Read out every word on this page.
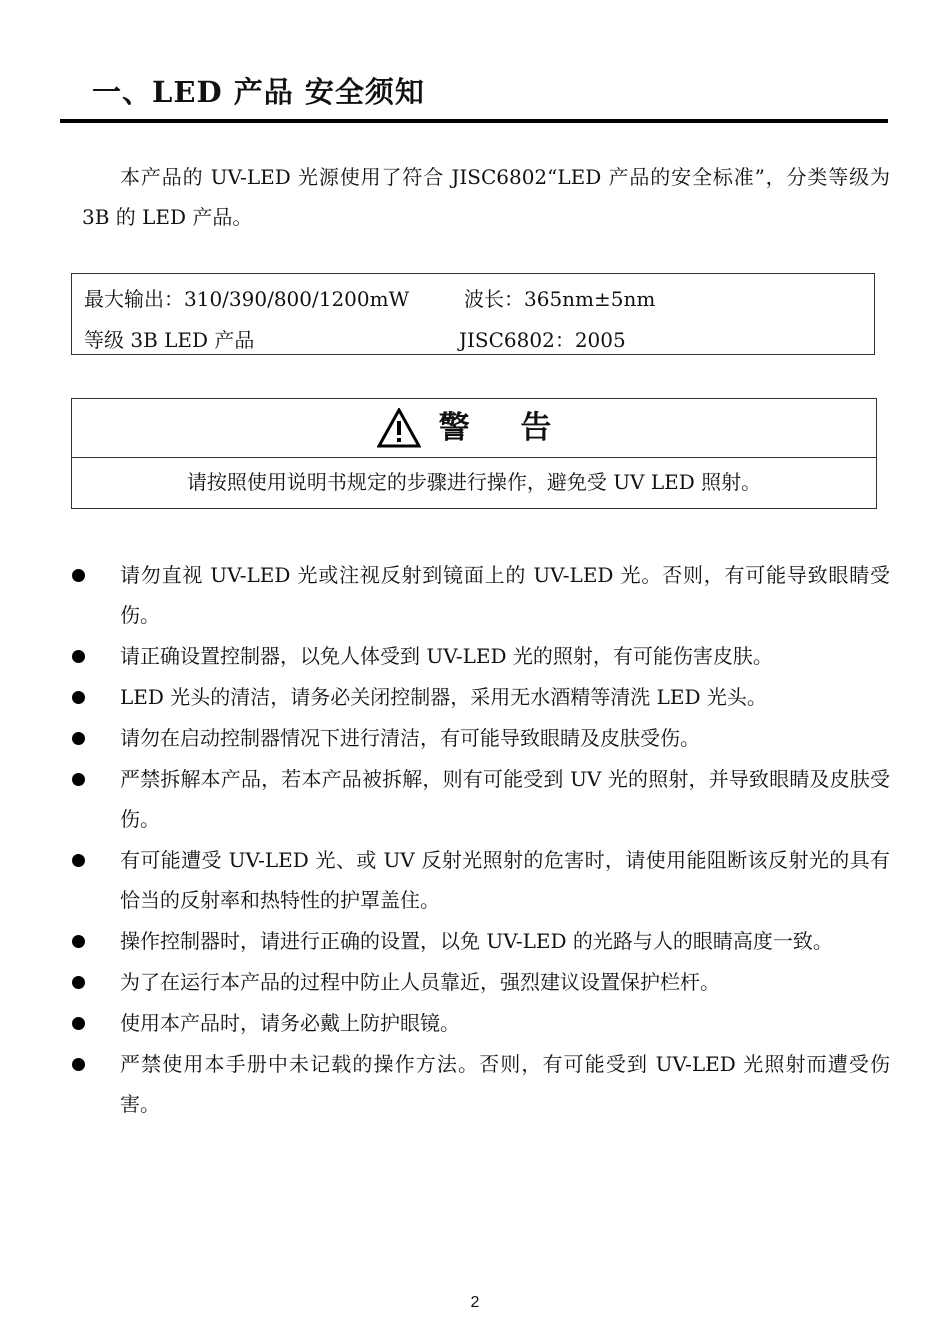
一、LED 产品 安全须知

本产品的 UV-LED 光源使用了符合 JISC6802“LED 产品的安全标准”，分类等级为 3B 的 LED 产品。

最大输出：310/390/800/1200mW	波长：365nm±5nm
等级 3B LED 产品	JISC6802：2005
警 告
请按照使用说明书规定的步骤进行操作，避免受 UV LED 照射。
请勿直视 UV-LED 光或注视反射到镜面上的 UV-LED 光。否则，有可能导致眼睛受伤。
请正确设置控制器，以免人体受到 UV-LED 光的照射，有可能伤害皮肤。
LED 光头的清洁，请务必关闭控制器，采用无水酒精等清洗 LED 光头。
请勿在启动控制器情况下进行清洁，有可能导致眼睛及皮肤受伤。
严禁拆解本产品，若本产品被拆解，则有可能受到 UV 光的照射，并导致眼睛及皮肤受伤。
有可能遭受 UV-LED 光、或 UV 反射光照射的危害时，请使用能阻断该反射光的具有恰当的反射率和热特性的护罩盖住。
操作控制器时，请进行正确的设置，以免 UV-LED 的光路与人的眼睛高度一致。
为了在运行本产品的过程中防止人员靠近，强烈建议设置保护栏杆。
使用本产品时，请务必戴上防护眼镜。
严禁使用本手册中未记载的操作方法。否则，有可能受到 UV-LED 光照射而遭受伤害。
2
